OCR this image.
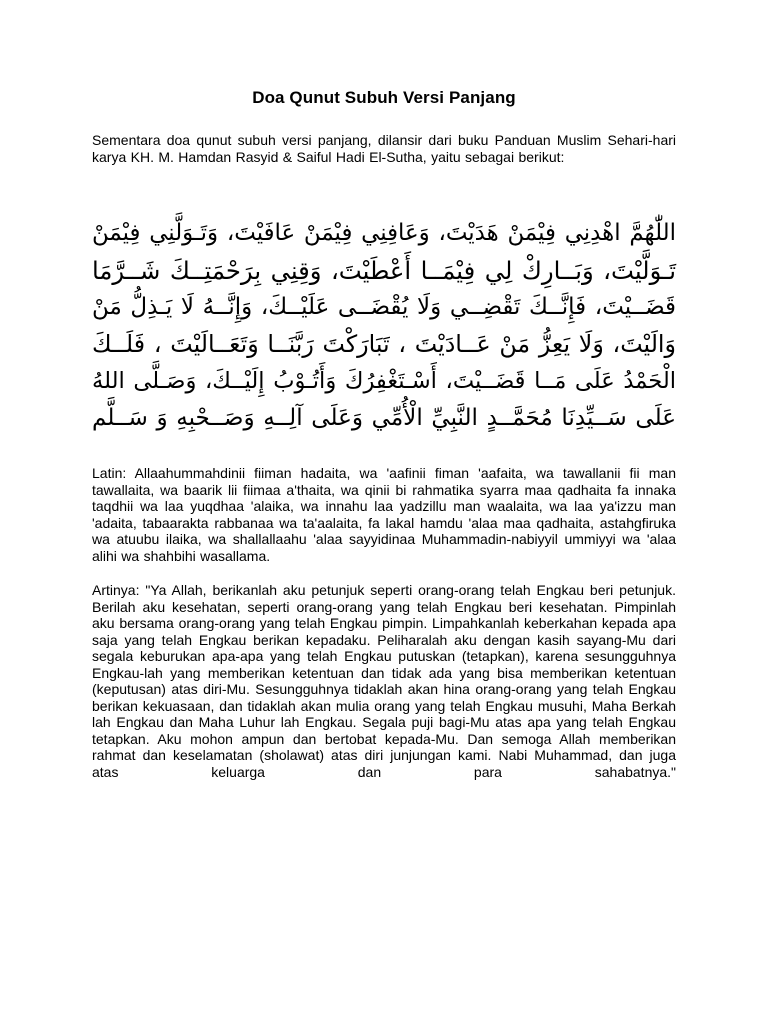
Doa Qunut Subuh Versi Panjang

Sementara doa qunut subuh versi panjang, dilansir dari buku Panduan Muslim Sehari-hari karya KH. M. Hamdan Rasyid & Saiful Hadi El-Sutha, yaitu sebagai berikut:

اللّٰهُمَّ اهْدِنِي فِيْمَنْ هَدَيْتَ، وَعَافِنِي فِيْمَنْ عَافَيْتَ، وَتَـوَلَّنِي فِيْمَنْ
تَـوَلَّيْتَ، وَبَــارِكْ لِي فِيْمَــا أَعْطَيْتَ، وَقِنِي بِرَحْمَتِــكَ شَــرَّمَا
قَضَــيْتَ، فَإِنَّــكَ تَقْضِــي وَلَا يُقْضَــى عَلَيْــكَ، وَإِنَّــهُ لَا يَـذِلُّ مَنْ
وَالَيْتَ، وَلَا يَعِزُّ مَنْ عَــادَيْتَ ، تَبَارَكْتَ رَبَّنَــا وَتَعَــالَيْتَ ، فَلَــكَ
الْحَمْدُ عَلَى مَــا قَضَــيْتَ، أَسْـتَغْفِرُكَ وَأَتُـوْبُ إِلَيْــكَ، وَصَـلَّى اللهُ
عَلَى سَــيِّدِنَا مُحَمَّــدٍ النَّبِيِّ الْأُمِّي وَعَلَى آلِــهِ وَصَــحْبِهِ وَ سَــلَّم

Latin: Allaahummahdinii fiiman hadaita, wa 'aafinii fiman 'aafaita, wa tawallanii fii man tawallaita, wa baarik lii fiimaa a'thaita, wa qinii bi rahmatika syarra maa qadhaita fa innaka taqdhii wa laa yuqdhaa 'alaika, wa innahu laa yadzillu man waalaita, wa laa ya'izzu man 'adaita, tabaarakta rabbanaa wa ta'aalaita, fa lakal hamdu 'alaa maa qadhaita, astahgfiruka wa atuubu ilaika, wa shallallaahu 'alaa sayyidinaa Muhammadin-nabiyyil ummiyyi wa 'alaa alihi wa shahbihi wasallama.

Artinya: "Ya Allah, berikanlah aku petunjuk seperti orang-orang telah Engkau beri petunjuk. Berilah aku kesehatan, seperti orang-orang yang telah Engkau beri kesehatan. Pimpinlah aku bersama orang-orang yang telah Engkau pimpin. Limpahkanlah keberkahan kepada apa saja yang telah Engkau berikan kepadaku. Peliharalah aku dengan kasih sayang-Mu dari segala keburukan apa-apa yang telah Engkau putuskan (tetapkan), karena sesungguhnya Engkau-lah yang memberikan ketentuan dan tidak ada yang bisa memberikan ketentuan (keputusan) atas diri-Mu. Sesungguhnya tidaklah akan hina orang-orang yang telah Engkau berikan kekuasaan, dan tidaklah akan mulia orang yang telah Engkau musuhi, Maha Berkah lah Engkau dan Maha Luhur lah Engkau. Segala puji bagi-Mu atas apa yang telah Engkau tetapkan. Aku mohon ampun dan bertobat kepada-Mu. Dan semoga Allah memberikan rahmat dan keselamatan (sholawat) atas diri junjungan kami. Nabi Muhammad, dan juga atas keluarga dan para sahabatnya."
